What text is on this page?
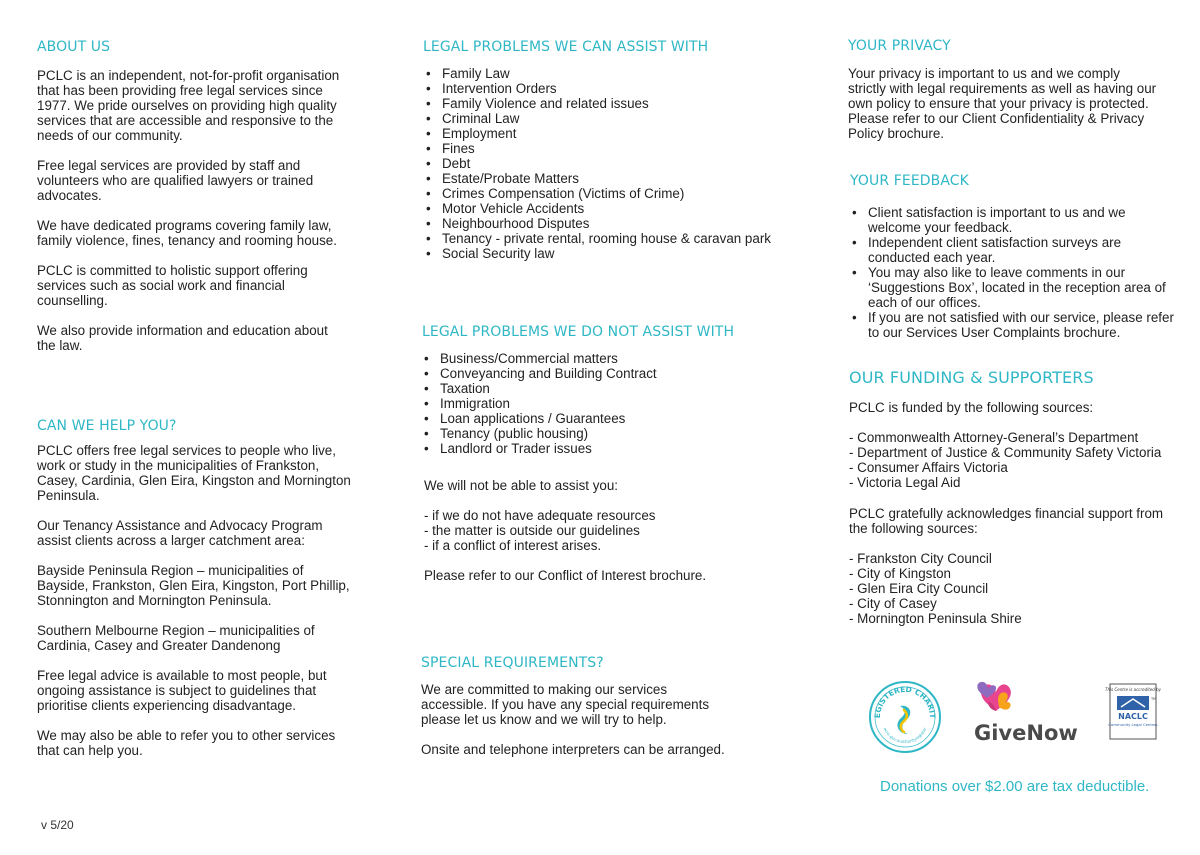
ABOUT US
PCLC is an independent, not-for-profit organisation
that has been providing free legal services since
1977. We pride ourselves on providing high quality
services that are accessible and responsive to the
needs of our community.
Free legal services are provided by staff and
volunteers who are qualified lawyers or trained
advocates.
We have dedicated programs covering family law,
family violence, fines, tenancy and rooming house.
PCLC is committed to holistic support offering
services such as social work and financial
counselling.
We also provide information and education about
the law.
CAN WE HELP YOU?
PCLC offers free legal services to people who live,
work or study in the municipalities of Frankston,
Casey, Cardinia, Glen Eira, Kingston and Mornington
Peninsula.
Our Tenancy Assistance and Advocacy Program
assist clients across a larger catchment area:
Bayside Peninsula Region – municipalities of
Bayside, Frankston, Glen Eira, Kingston, Port Phillip,
Stonnington and Mornington Peninsula.
Southern Melbourne Region – municipalities of
Cardinia, Casey and Greater Dandenong
Free legal advice is available to most people, but
ongoing assistance is subject to guidelines that
prioritise clients experiencing disadvantage.
We may also be able to refer you to other services
that can help you.
v 5/20
LEGAL PROBLEMS WE CAN ASSIST WITH
• Family Law
• Intervention Orders
• Family Violence and related issues
• Criminal Law
• Employment
• Fines
• Debt
• Estate/Probate Matters
• Crimes Compensation (Victims of Crime)
• Motor Vehicle Accidents
• Neighbourhood Disputes
• Tenancy - private rental, rooming house & caravan park
• Social Security law
LEGAL PROBLEMS WE DO NOT ASSIST WITH
• Business/Commercial matters
• Conveyancing and Building Contract
• Taxation
• Immigration
• Loan applications / Guarantees
• Tenancy (public housing)
• Landlord or Trader issues
We will not be able to assist you:
- if we do not have adequate resources
- the matter is outside our guidelines
- if a conflict of interest arises.
Please refer to our Conflict of Interest brochure.
SPECIAL REQUIREMENTS?
We are committed to making our services
accessible. If you have any special requirements
please let us know and we will try to help.
Onsite and telephone interpreters can be arranged.
YOUR PRIVACY
Your privacy is important to us and we comply
strictly with legal requirements as well as having our
own policy to ensure that your privacy is protected.
Please refer to our Client Confidentiality & Privacy
Policy brochure.
YOUR FEEDBACK
• Client satisfaction is important to us and we welcome your feedback.
• Independent client satisfaction surveys are conducted each year.
• You may also like to leave comments in our ‘Suggestions Box’, located in the reception area of each of our offices.
• If you are not satisfied with our service, please refer to our Services User Complaints brochure.
OUR FUNDING & SUPPORTERS
PCLC is funded by the following sources:
- Commonwealth Attorney-General’s Department
- Department of Justice & Community Safety Victoria
- Consumer Affairs Victoria
- Victoria Legal Aid
PCLC gratefully acknowledges financial support from
the following sources:
- Frankston City Council
- City of Kingston
- Glen Eira City Council
- City of Casey
- Mornington Peninsula Shire
EGISTERED CHARIT
acnc.gov.au/charityregister GiveNow
This Centre is accredited by
TM
NACLC
Community Legal Centres
Donations over $2.00 are tax deductible.
